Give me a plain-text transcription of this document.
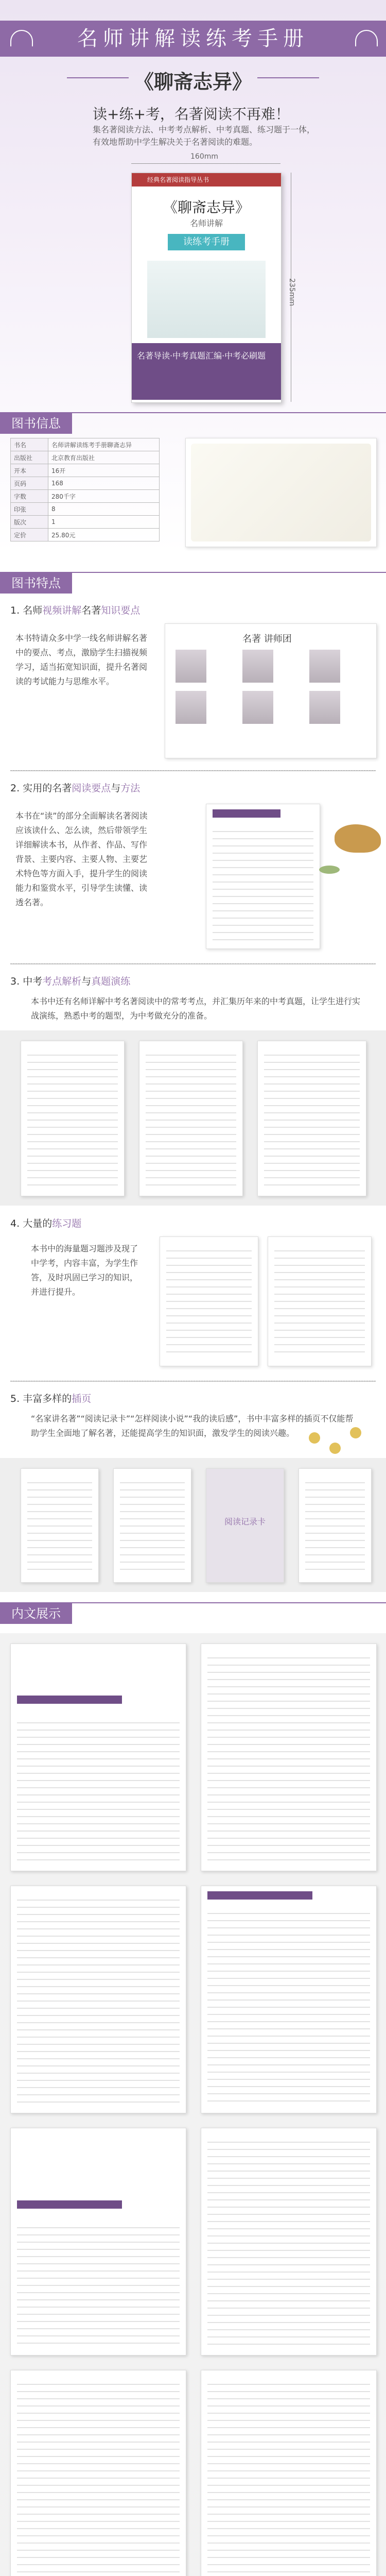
名师讲解读练考手册
《聊斋志异》
读+练+考，名著阅读不再难！
集名著阅读方法、中考考点解析、中考真题、练习题于一体，有效地帮助中学生解决关于名著阅读的难题。
160mm
235mm
经典名著阅读指导丛书
《聊斋志异》
名师讲解
读练考手册
名著导读·中考真题汇编·中考必刷题
图书信息
书名	名师讲解读练考手册聊斋志异
出版社	北京教育出版社
开本	16开
页码	168
字数	280千字
印张	8
版次	1
定价	25.80元
图书特点
1. 名师视频讲解名著知识要点
本书特请众多中学一线名师讲解名著中的要点、考点，激励学生扫描视频学习，适当拓宽知识面，提升名著阅读的考试能力与思维水平。
名著 讲师团
2. 实用的名著阅读要点与方法
本书在“读”的部分全面解读名著阅读应该读什么、怎么读，然后带领学生详细解读本书，从作者、作品、写作背景、主要内容、主要人物、主要艺术特色等方面入手，提升学生的阅读能力和鉴赏水平，引导学生读懂、读透名著。
3. 中考考点解析与真题演练
本书中还有名师详解中考名著阅读中的常考考点，并汇集历年来的中考真题，让学生进行实战演练，熟悉中考的题型，为中考做充分的准备。
4. 大量的练习题
本书中的海量题习题涉及现了中学考，内容丰富，为学生作答，及时巩固已学习的知识，并进行提升。
5. 丰富多样的插页
“名家讲名著”“阅读记录卡”“怎样阅读小说”“我的读后感”，书中丰富多样的插页不仅能帮助学生全面地了解名著，还能提高学生的知识面，激发学生的阅读兴趣。
阅读记录卡
内文展示
